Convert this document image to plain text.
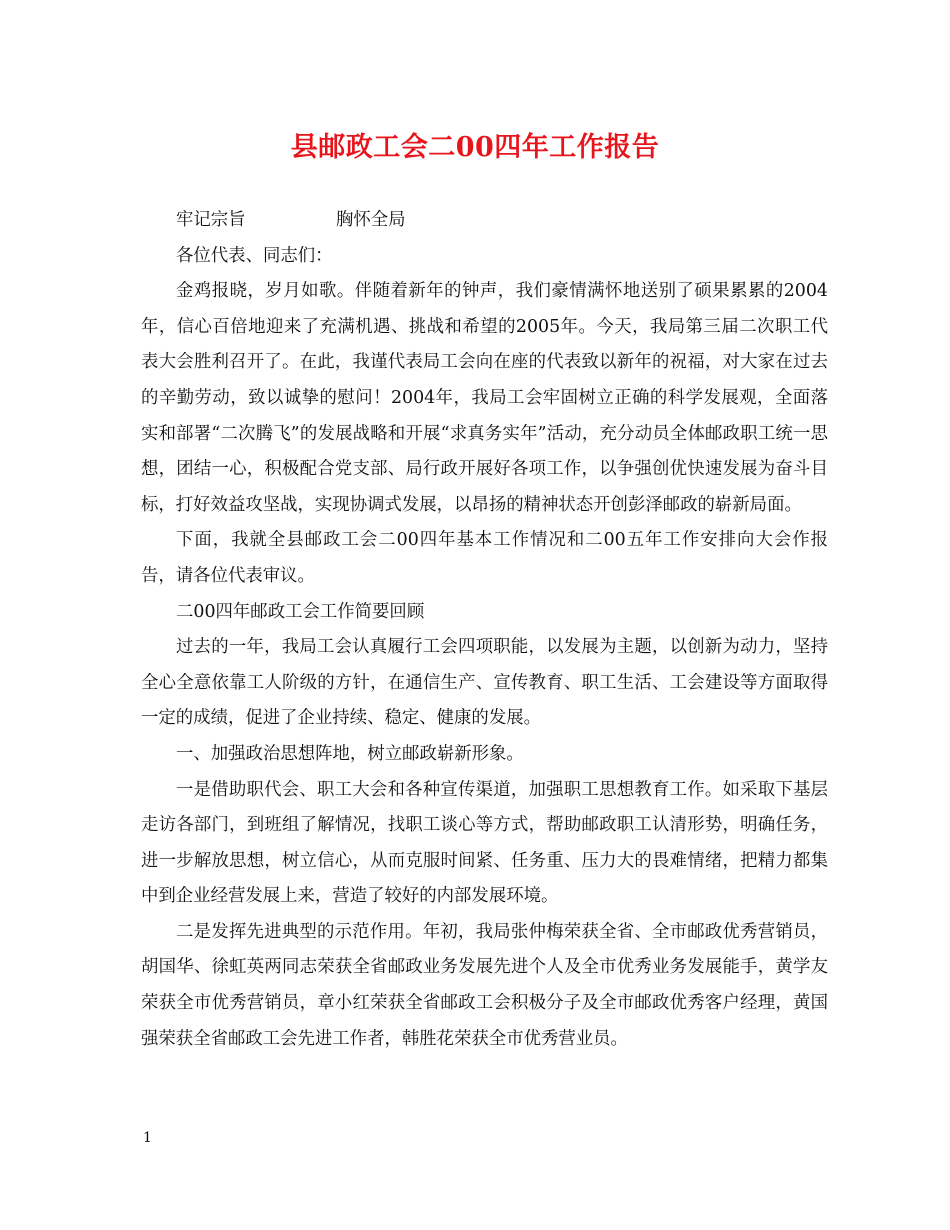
县邮政工会二00四年工作报告
牢记宗旨	胸怀全局

各位代表、同志们：

金鸡报晓，岁月如歌。伴随着新年的钟声，我们豪情满怀地送别了硕果累累的2004年，信心百倍地迎来了充满机遇、挑战和希望的2005年。今天，我局第三届二次职工代表大会胜利召开了。在此，我谨代表局工会向在座的代表致以新年的祝福，对大家在过去的辛勤劳动，致以诚挚的慰问！2004年，我局工会牢固树立正确的科学发展观，全面落实和部署“二次腾飞”的发展战略和开展“求真务实年”活动，充分动员全体邮政职工统一思想，团结一心，积极配合党支部、局行政开展好各项工作，以争强创优快速发展为奋斗目标，打好效益攻坚战，实现协调式发展，以昂扬的精神状态开创彭泽邮政的崭新局面。

下面，我就全县邮政工会二00四年基本工作情况和二00五年工作安排向大会作报告，请各位代表审议。

二00四年邮政工会工作简要回顾

过去的一年，我局工会认真履行工会四项职能，以发展为主题，以创新为动力，坚持全心全意依靠工人阶级的方针，在通信生产、宣传教育、职工生活、工会建设等方面取得一定的成绩，促进了企业持续、稳定、健康的发展。

一、加强政治思想阵地，树立邮政崭新形象。

一是借助职代会、职工大会和各种宣传渠道，加强职工思想教育工作。如采取下基层走访各部门，到班组了解情况，找职工谈心等方式，帮助邮政职工认清形势，明确任务，进一步解放思想，树立信心，从而克服时间紧、任务重、压力大的畏难情绪，把精力都集中到企业经营发展上来，营造了较好的内部发展环境。

二是发挥先进典型的示范作用。年初，我局张仲梅荣获全省、全市邮政优秀营销员，胡国华、徐虹英两同志荣获全省邮政业务发展先进个人及全市优秀业务发展能手，黄学友荣获全市优秀营销员，章小红荣获全省邮政工会积极分子及全市邮政优秀客户经理，黄国强荣获全省邮政工会先进工作者，韩胜花荣获全市优秀营业员。

1
